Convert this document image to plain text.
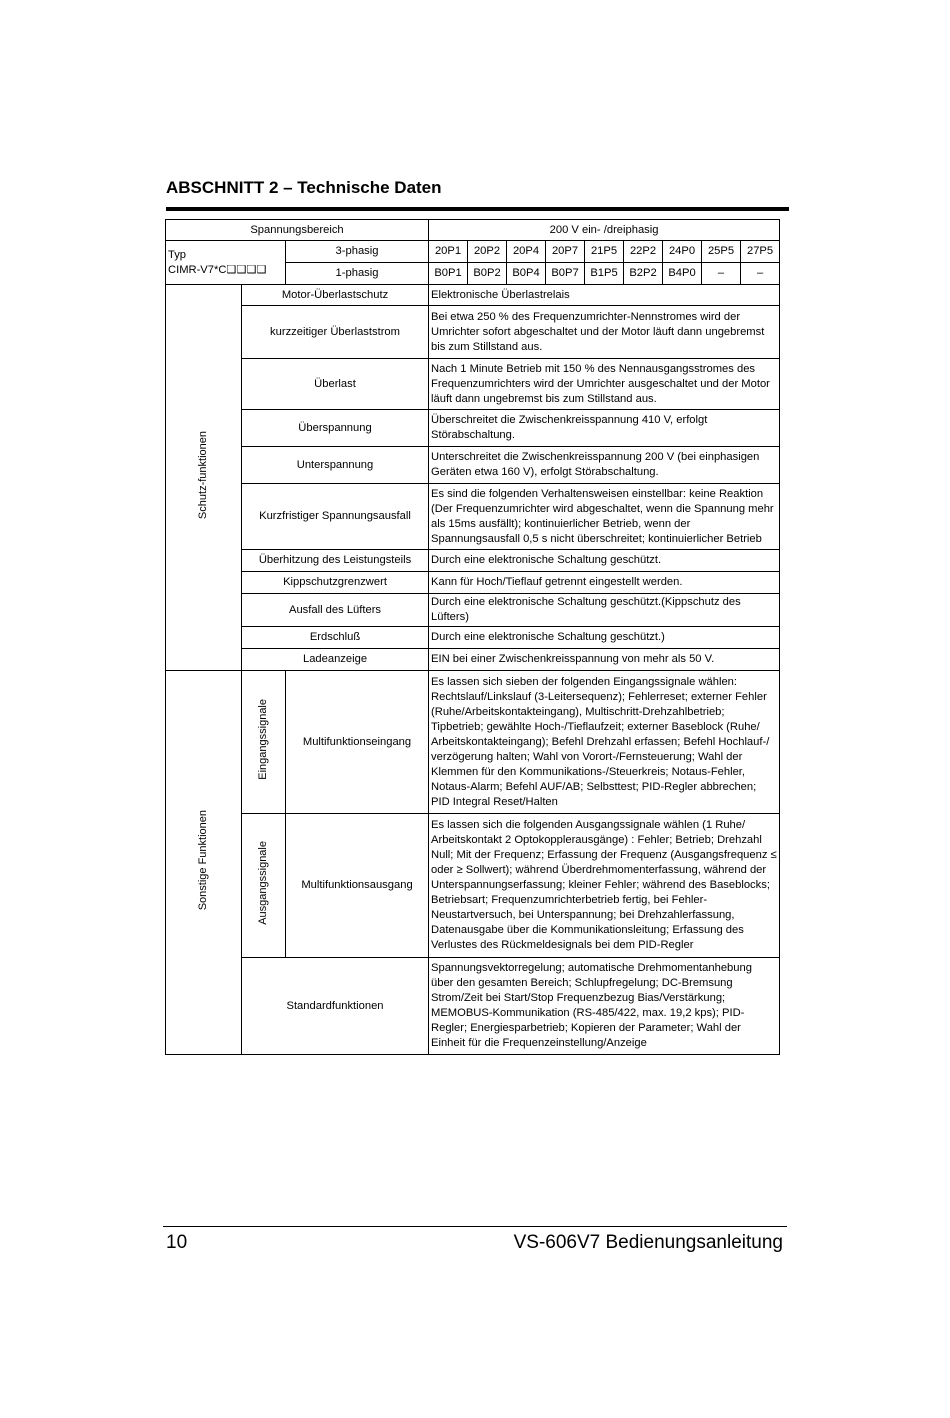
ABSCHNITT 2 – Technische Daten
Spannungsbereich			200 V ein- /dreiphasig								

Typ
CIMR-V7*C❑❑❑❑		3-phasig	20P1	20P2	20P4	20P7	21P5	22P2	24P0	25P5	27P5
		1-phasig	B0P1	B0P2	B0P4	B0P7	B1P5	B2P2	B4P0	–	–
Schutz-funktionen	Motor-Überlastschutz		Elektronische Überlastrelais								
	kurzzeitiger Überlaststrom		Bei etwa 250 % des Frequenzumrichter-Nennstromes wird der Umrichter sofort abgeschaltet und der Motor läuft dann ungebremst bis zum Stillstand aus.								
	Überlast		Nach 1 Minute Betrieb mit 150 % des Nennausgangsstromes des Frequenzumrichters wird der Umrichter ausgeschaltet und der Motor läuft dann ungebremst bis zum Stillstand aus.								
	Überspannung		Überschreitet die Zwischenkreisspannung 410 V, erfolgt Störabschaltung.								
	Unterspannung		Unterschreitet die Zwischenkreisspannung 200 V (bei einphasigen Geräten etwa 160 V), erfolgt Störabschaltung.								
	Kurzfristiger Spannungsausfall		Es sind die folgenden Verhaltensweisen einstellbar: keine Reaktion (Der Frequenzumrichter wird abgeschaltet, wenn die Spannung mehr als 15ms ausfällt); kontinuierlicher Betrieb, wenn der Spannungsausfall 0,5 s nicht überschreitet; kontinuierlicher Betrieb								
	Überhitzung des Leistungsteils		Durch eine elektronische Schaltung geschützt.								
	Kippschutzgrenzwert		Kann für Hoch/Tieflauf getrennt eingestellt werden.								
	Ausfall des Lüfters		Durch eine elektronische Schaltung geschützt.(Kippschutz des Lüfters)								
	Erdschluß		Durch eine elektronische Schaltung geschützt.)								
	Ladeanzeige		EIN bei einer Zwischenkreisspannung von mehr als 50 V.								
Sonstige Funktionen	Eingangssignale	Multifunktionseingang	Es lassen sich sieben der folgenden Eingangssignale wählen: Rechtslauf/Linkslauf (3-Leitersequenz); Fehlerreset; externer Fehler (Ruhe/Arbeitskontakteingang), Multischritt-Drehzahlbetrieb; Tipbetrieb; gewählte Hoch-/Tieflaufzeit; externer Baseblock (Ruhe/ Arbeitskontakteingang); Befehl Drehzahl erfassen; Befehl Hochlauf-/ verzögerung halten; Wahl von Vorort-/Fernsteuerung; Wahl der Klemmen für den Kommunikations-/Steuerkreis; Notaus-Fehler, Notaus-Alarm; Befehl AUF/AB; Selbsttest; PID-Regler abbrechen; PID Integral Reset/Halten								
	Ausgangssignale	Multifunktionsausgang	Es lassen sich die folgenden Ausgangssignale wählen (1 Ruhe/ Arbeitskontakt 2 Optokopplerausgänge) : Fehler; Betrieb; Drehzahl Null; Mit der Frequenz; Erfassung der Frequenz (Ausgangsfrequenz ≤ oder ≥ Sollwert); während Überdrehmomenterfassung, während der Unterspannungserfassung; kleiner Fehler; während des Baseblocks; Betriebsart; Frequenzumrichterbetrieb fertig, bei Fehler-Neustartversuch, bei Unterspannung; bei Drehzahlerfassung, Datenausgabe über die Kommunikationsleitung; Erfassung des Verlustes des Rückmeldesignals bei dem PID-Regler								
	Standardfunktionen		Spannungsvektorregelung; automatische Drehmomentanhebung über den gesamten Bereich; Schlupfregelung; DC-Bremsung Strom/Zeit bei Start/Stop Frequenzbezug Bias/Verstärkung; MEMOBUS-Kommunikation (RS-485/422, max. 19,2 kps); PID-Regler; Energiesparbetrieb; Kopieren der Parameter; Wahl der Einheit für die Frequenzeinstellung/Anzeige								
10	VS-606V7 Bedienungsanleitung
